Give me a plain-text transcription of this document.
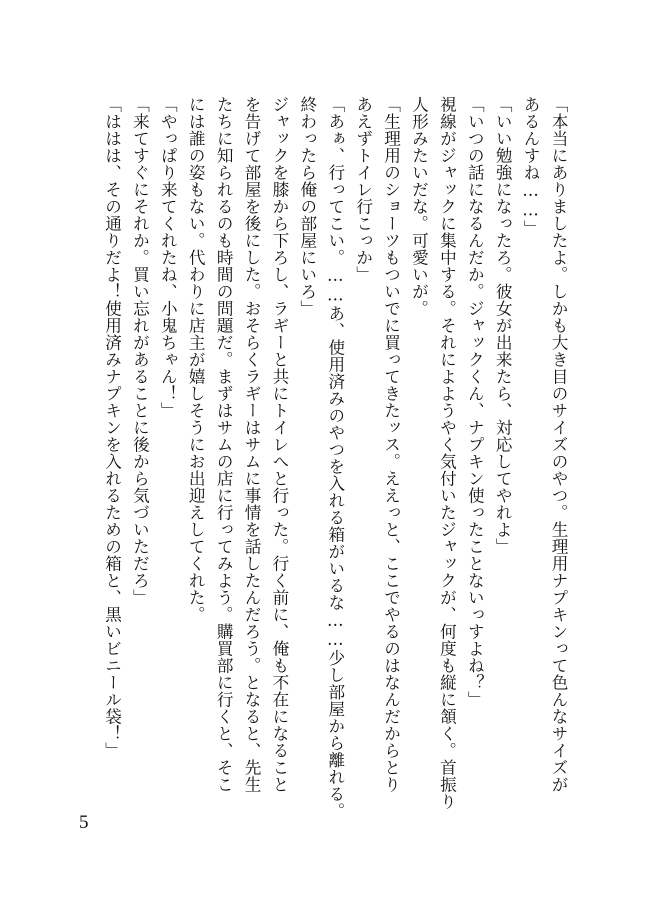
「本当にありましたよ。しかも大き目のサイズのやつ。生理用ナプキンって色んなサイズが

あるんすね……」

「いい勉強になったろ。彼女が出来たら、対応してやれよ」

「いつの話になるんだか。ジャックくん、ナプキン使ったことないっすよね？」

視線がジャックに集中する。それによようやく気付いたジャックが、何度も縦に頷く。首振り

人形みたいだな。可愛いが。

「生理用のショーツもついでに買ってきたッス。ええっと、ここでやるのはなんだからとり

あえずトイレ行こっか」

「あぁ、行ってこい。……あ、使用済みのやつを入れる箱がいるな……少し部屋から離れる。

終わったら俺の部屋にいろ」

ジャックを膝から下ろし、ラギーと共にトイレへと行った。行く前に、俺も不在になること

を告げて部屋を後にした。おそらくラギーはサムに事情を話したんだろう。となると、先生

たちに知られるのも時間の問題だ。まずはサムの店に行ってみよう。購買部に行くと、そこ

には誰の姿もない。代わりに店主が嬉しそうにお出迎えしてくれた。

「やっぱり来てくれたね、小鬼ちゃん！」

「来てすぐにそれか。買い忘れがあることに後から気づいただろ」

「ははは、その通りだよ！使用済みナプキンを入れるための箱と、黒いビニール袋！」

5
